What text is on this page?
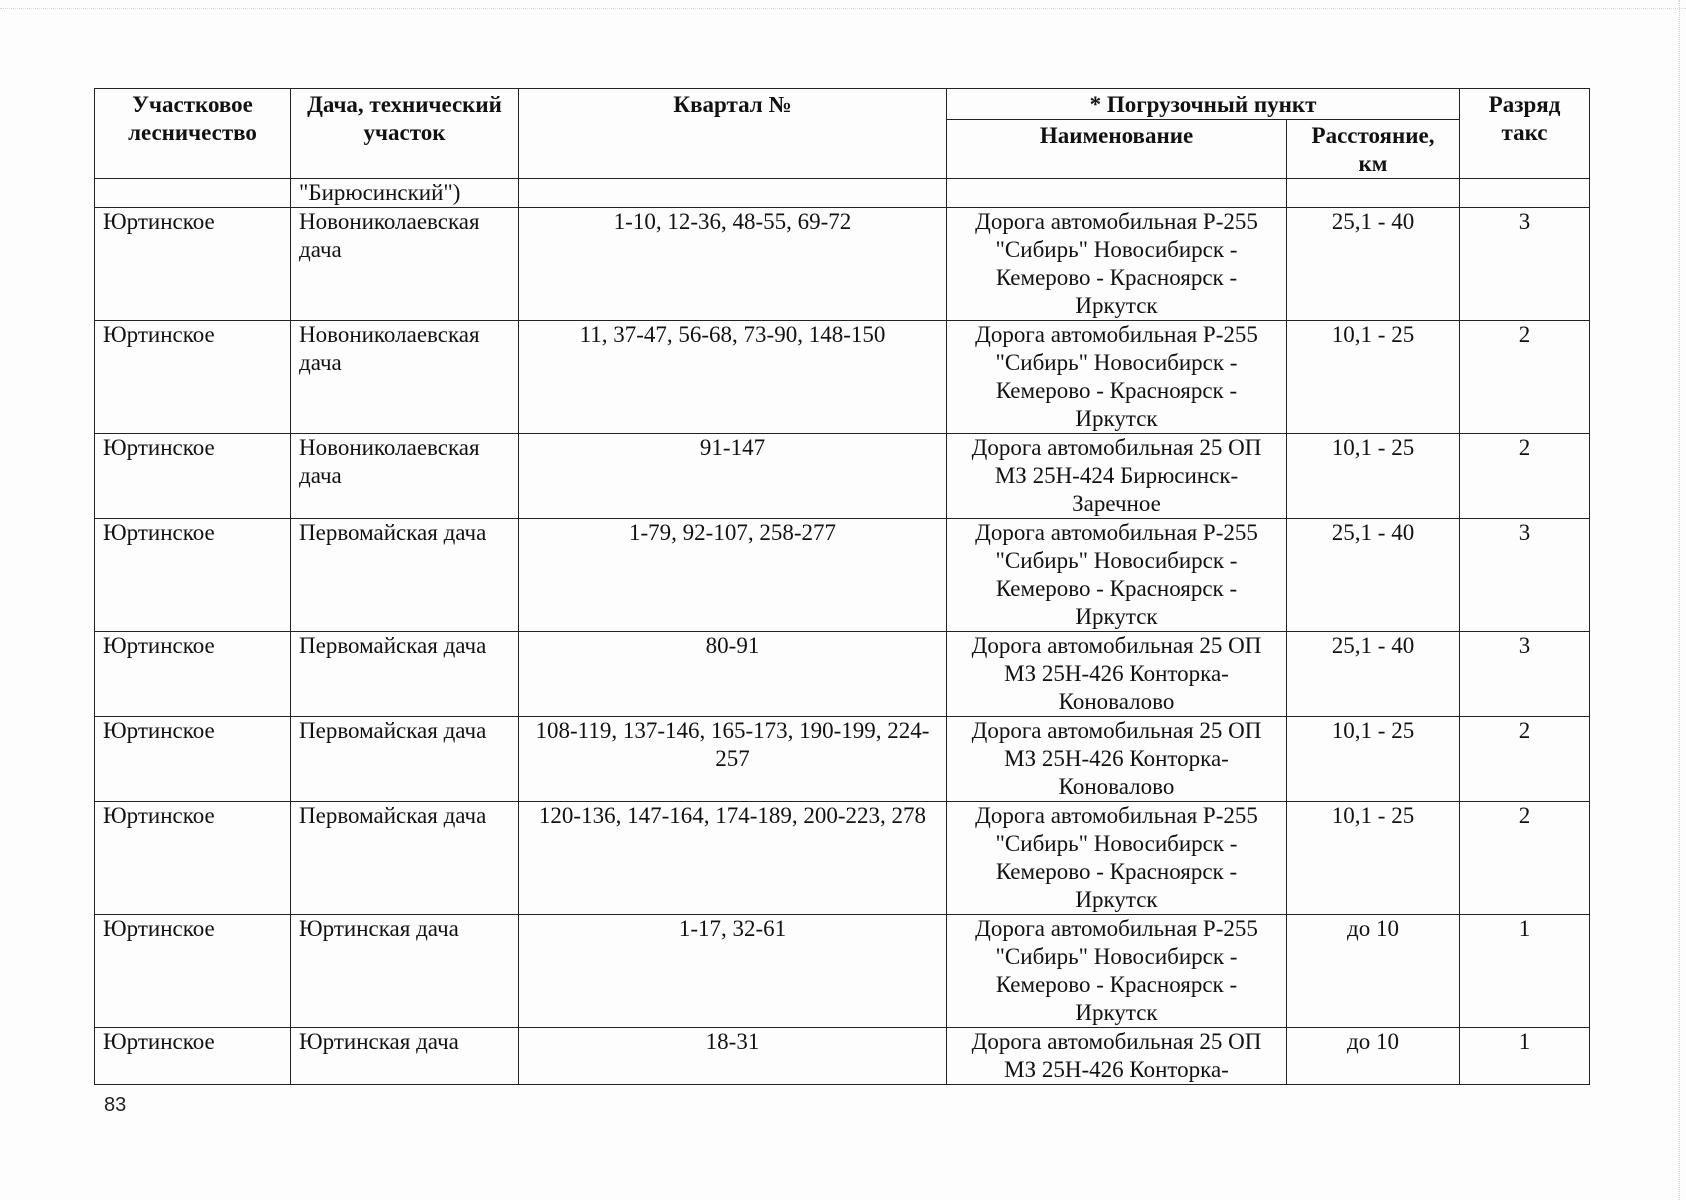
Участковое лесничество	Дача, технический участок	Квартал №	* Погрузочный пункт		Разряд такс
			Наименование	Расстояние, км	
	"Бирюсинский")				
Юртинское	Новониколаевская дача	1-10, 12-36, 48-55, 69-72	Дорога автомобильная Р-255 "Сибирь" Новосибирск - Кемерово - Красноярск - Иркутск	25,1 - 40	3
Юртинское	Новониколаевская дача	11, 37-47, 56-68, 73-90, 148-150	Дорога автомобильная Р-255 "Сибирь" Новосибирск - Кемерово - Красноярск - Иркутск	10,1 - 25	2
Юртинское	Новониколаевская дача	91-147	Дорога автомобильная 25 ОП МЗ 25Н-424 Бирюсинск-Заречное	10,1 - 25	2
Юртинское	Первомайская дача	1-79, 92-107, 258-277	Дорога автомобильная Р-255 "Сибирь" Новосибирск - Кемерово - Красноярск - Иркутск	25,1 - 40	3
Юртинское	Первомайская дача	80-91	Дорога автомобильная 25 ОП МЗ 25Н-426 Конторка-Коновалово	25,1 - 40	3
Юртинское	Первомайская дача	108-119, 137-146, 165-173, 190-199, 224-257	Дорога автомобильная 25 ОП МЗ 25Н-426 Конторка-Коновалово	10,1 - 25	2
Юртинское	Первомайская дача	120-136, 147-164, 174-189, 200-223, 278	Дорога автомобильная Р-255 "Сибирь" Новосибирск - Кемерово - Красноярск - Иркутск	10,1 - 25	2
Юртинское	Юртинская дача	1-17, 32-61	Дорога автомобильная Р-255 "Сибирь" Новосибирск - Кемерово - Красноярск - Иркутск	до 10	1
Юртинское	Юртинская дача	18-31	Дорога автомобильная 25 ОП МЗ 25Н-426 Конторка-	до 10	1
83
